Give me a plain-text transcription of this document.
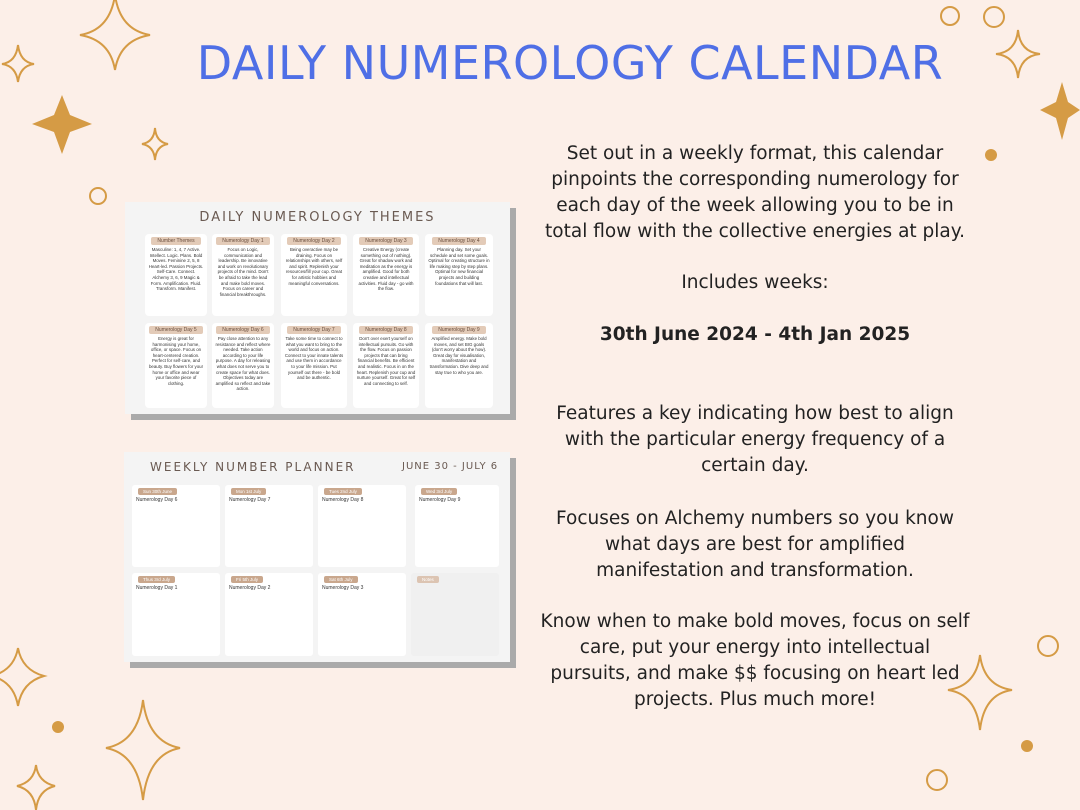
DAILY NUMEROLOGY CALENDAR
Set out in a weekly format, this calendar pinpoints the corresponding numerology for each day of the week allowing you to be in total flow with the collective energies at play.
Includes weeks:
30th June 2024 - 4th Jan 2025
Features a key indicating how best to align with the particular energy frequency of a certain day.
Focuses on Alchemy numbers so you know what days are best for amplified manifestation and transformation.
Know when to make bold moves, focus on self care, put your energy into intellectual pursuits, and make $$ focusing on heart led projects. Plus much more!
DAILY NUMEROLOGY THEMES
Number Themes
Masculine: 1, 4, 7 Active. Intellect. Logic. Plans. Bold Moves. Feminine 2, 5, 8 Heart-led. Passion Projects. Self-Care. Connect. Alchemy 3, 6, 9 Magic & Form. Amplification. Fluid. Transform. Manifest.
Numerology Day 1
Focus on Logic, communication and leadership. Be innovative and work on revolutionary projects of the mind. Don't be afraid to take the lead and make bold moves. Focus on career and financial breakthroughs.
Numerology Day 2
Being overactive may be draining. Focus on relationships with others, self and spirit. Replenish your resources/fill your cup. Great for artistic hobbies and meaningful conversations.
Numerology Day 3
Creative Energy (create something out of nothing). Great for shadow work and meditation as the energy is amplified. Good for both creative and intellectual activities. Fluid day - go with the flow.
Numerology Day 4
Planning day. Set your schedule and set some goals. Optimal for creating structure in life making step by step plans. Optimal for new financial projects and building foundations that will last.
Numerology Day 5
Energy is great for harmonising your home, office, or space. Focus on heart-centered creation. Perfect for self-care, and beauty. Buy flowers for your home or office and wear your favorite piece of clothing.
Numerology Day 6
Pay close attention to any resistance and reflect where needed. Take action according to your life purpose. A day for releasing what does not serve you to create space for what does. Objectives today are amplified so reflect and take action.
Numerology Day 7
Take some time to connect to what you want to bring to the world and focus on action. Connect to your innate talents and use them in accordance to your life mission. Put yourself out there - be bold and be authentic.
Numerology Day 8
Don't over exert yourself on intellectual pursuits. Go with the flow. Focus on passion projects that can bring financial benefits. Be efficient and realistic. Focus in on the heart. Replenish your cup and nurture yourself. Great for self and connecting to self.
Numerology Day 9
Amplified energy. Make bold moves, and set BIG goals (don't worry about the how). Great day for visualisation, manifestation and transformation. Dive deep and stay true to who you are.
WEEKLY NUMBER PLANNER	JUNE 30 - JULY 6
Sun 30th June
Numerology Day 6
Mon 1st July
Numerology Day 7
Tues 2nd July
Numerology Day 8
Wed 3rd July
Numerology Day 9
Thus 3rd July
Numerology Day 1
Fri 5th July
Numerology Day 2
Sat 6th July
Numerology Day 3
Notes
